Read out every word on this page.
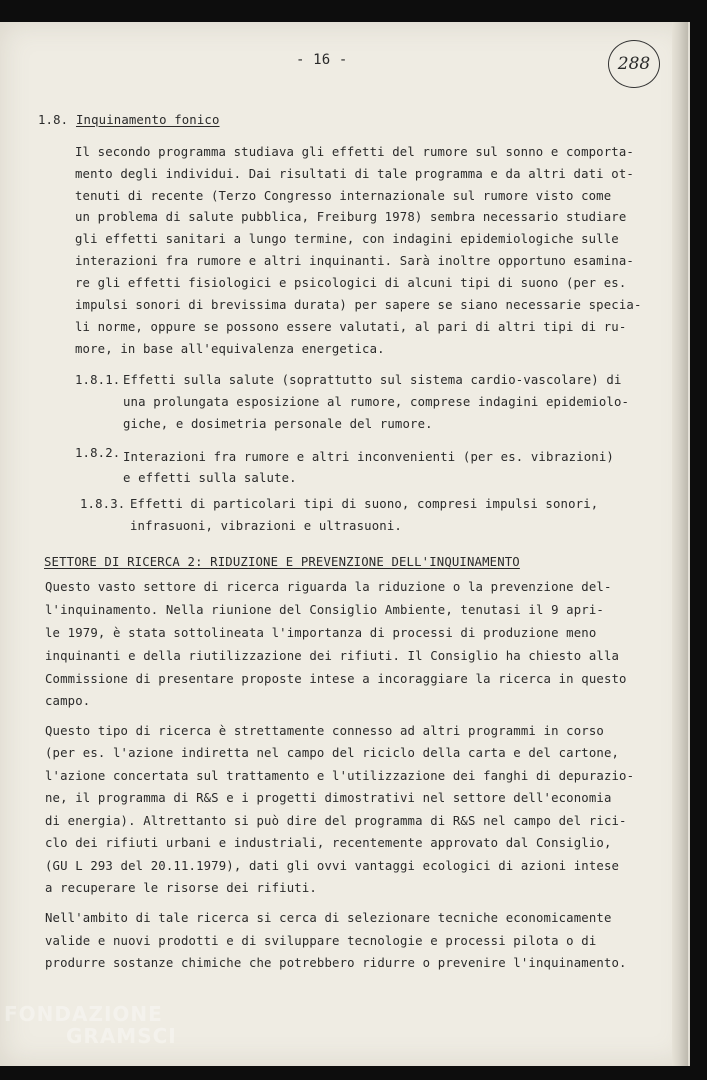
- 16 -	288
1.8. Inquinamento fonico
Il secondo programma studiava gli effetti del rumore sul sonno e comporta-
mento degli individui. Dai risultati di tale programma e da altri dati ot-
tenuti di recente (Terzo Congresso internazionale sul rumore visto come
un problema di salute pubblica, Freiburg 1978) sembra necessario studiare
gli effetti sanitari a lungo termine, con indagini epidemiologiche sulle
interazioni fra rumore e altri inquinanti. Sarà inoltre opportuno esamina-
re gli effetti fisiologici e psicologici di alcuni tipi di suono (per es.
impulsi sonori di brevissima durata) per sapere se siano necessarie specia-
li norme, oppure se possono essere valutati, al pari di altri tipi di ru-
more, in base all'equivalenza energetica.
1.8.1. Effetti sulla salute (soprattutto sul sistema cardio-vascolare) di
una prolungata esposizione al rumore, comprese indagini epidemiolo-
giche, e dosimetria personale del rumore.
1.8.2. Interazioni fra rumore e altri inconvenienti (per es. vibrazioni)
e effetti sulla salute.
1.8.3. Effetti di particolari tipi di suono, compresi impulsi sonori,
infrasuoni, vibrazioni e ultrasuoni.
SETTORE DI RICERCA 2: RIDUZIONE E PREVENZIONE DELL'INQUINAMENTO
Questo vasto settore di ricerca riguarda la riduzione o la prevenzione del-
l'inquinamento. Nella riunione del Consiglio Ambiente, tenutasi il 9 apri-
le 1979, è stata sottolineata l'importanza di processi di produzione meno
inquinanti e della riutilizzazione dei rifiuti. Il Consiglio ha chiesto alla
Commissione di presentare proposte intese a incoraggiare la ricerca in questo
campo.
Questo tipo di ricerca è strettamente connesso ad altri programmi in corso
(per es. l'azione indiretta nel campo del riciclo della carta e del cartone,
l'azione concertata sul trattamento e l'utilizzazione dei fanghi di depurazio-
ne, il programma di R&S e i progetti dimostrativi nel settore dell'economia
di energia). Altrettanto si può dire del programma di R&S nel campo del rici-
clo dei rifiuti urbani e industriali, recentemente approvato dal Consiglio,
(GU L 293 del 20.11.1979), dati gli ovvi vantaggi ecologici di azioni intese
a recuperare le risorse dei rifiuti.
Nell'ambito di tale ricerca si cerca di selezionare tecniche economicamente
valide e nuovi prodotti e di sviluppare tecnologie e processi pilota o di
produrre sostanze chimiche che potrebbero ridurre o prevenire l'inquinamento.
FONDAZIONE
GRAMSCI
